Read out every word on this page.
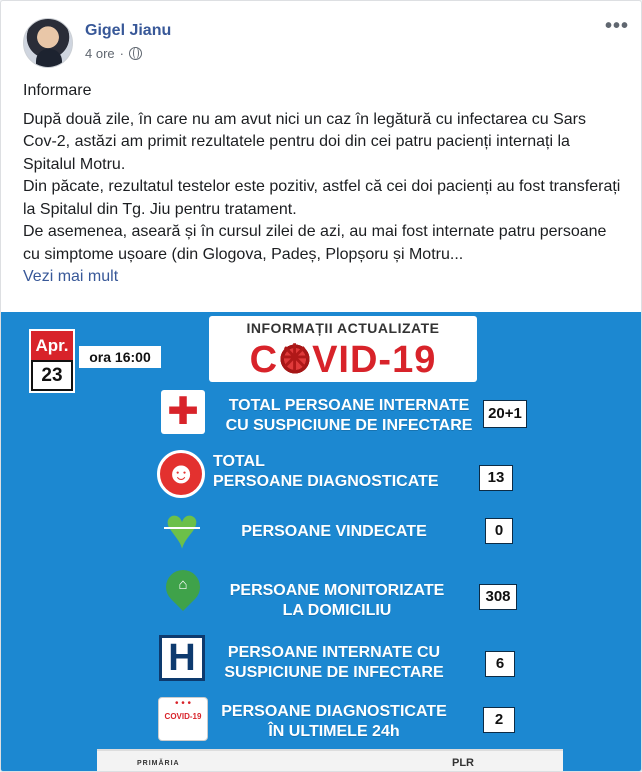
Gigel Jianu
4 ore ·
•••

Informare

După două zile, în care nu am avut nici un caz în legătură cu infectarea cu Sars Cov-2, astăzi am primit rezultatele pentru doi din cei patru pacienți internați la Spitalul Motru.
Din păcate, rezultatul testelor este pozitiv, astfel că cei doi pacienți au fost transferați la Spitalul din Tg. Jiu pentru tratament.
De asemenea, aseară și în cursul zilei de azi, au mai fost internate patru persoane cu simptome ușoare (din Glogova, Padeș, Plopșoru și Motru...

Vezi mai mult

Apr.
23
ora 16:00
INFORMAȚII ACTUALIZATE
C✳ VID-19
✚
TOTAL PERSOANE INTERNATE
CU SUSPICIUNE DE INFECTARE
20+1
☻
TOTAL
PERSOANE DIAGNOSTICATE	13
♥
PERSOANE VINDECATE	0
⌂	PERSOANE MONITORIZATE
LA DOMICILIU
308
H
PERSOANE INTERNATE CU
SUSPICIUNE DE INFECTARE
6
• • • COVID-19	PERSOANE DIAGNOSTICATE
ÎN ULTIMELE 24h
2
PRIMĂRIA	PLR
